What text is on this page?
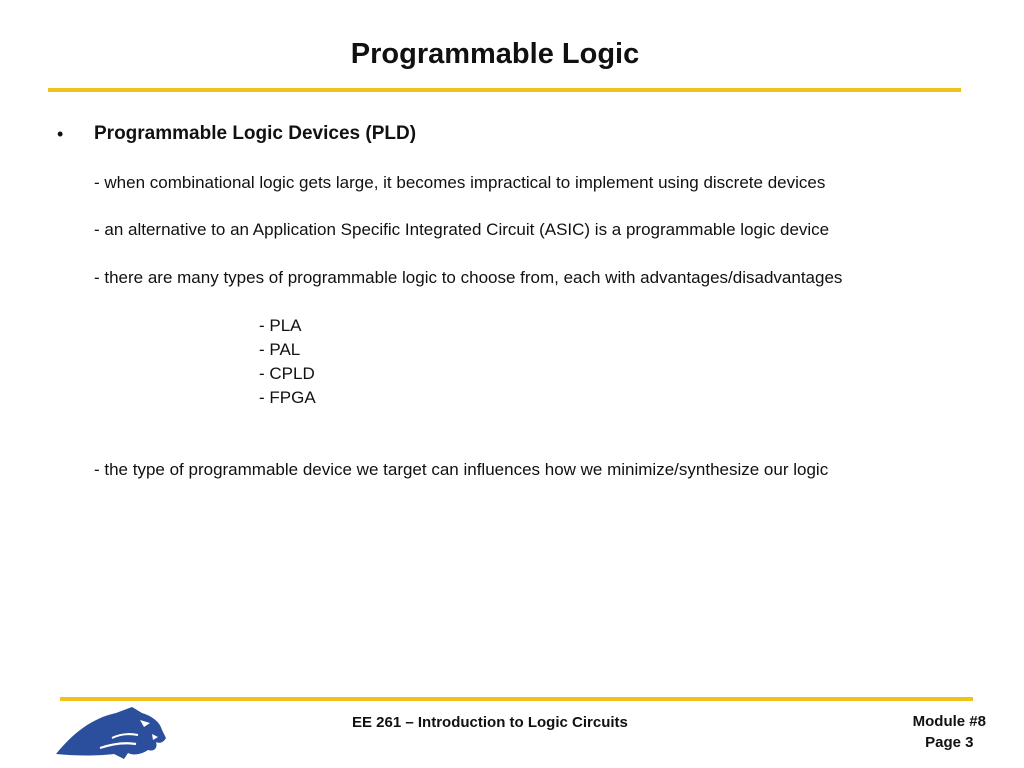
Programmable Logic
• Programmable Logic Devices (PLD)
- when combinational logic gets large, it becomes impractical to implement using discrete devices
- an alternative to an Application Specific Integrated Circuit (ASIC) is a programmable logic device
- there are many types of programmable logic to choose from, each with advantages/disadvantages
- PLA
- PAL
- CPLD
- FPGA
- the type of programmable device we target can influences how we minimize/synthesize our logic
EE 261 – Introduction to Logic Circuits	Module #8
Page 3
